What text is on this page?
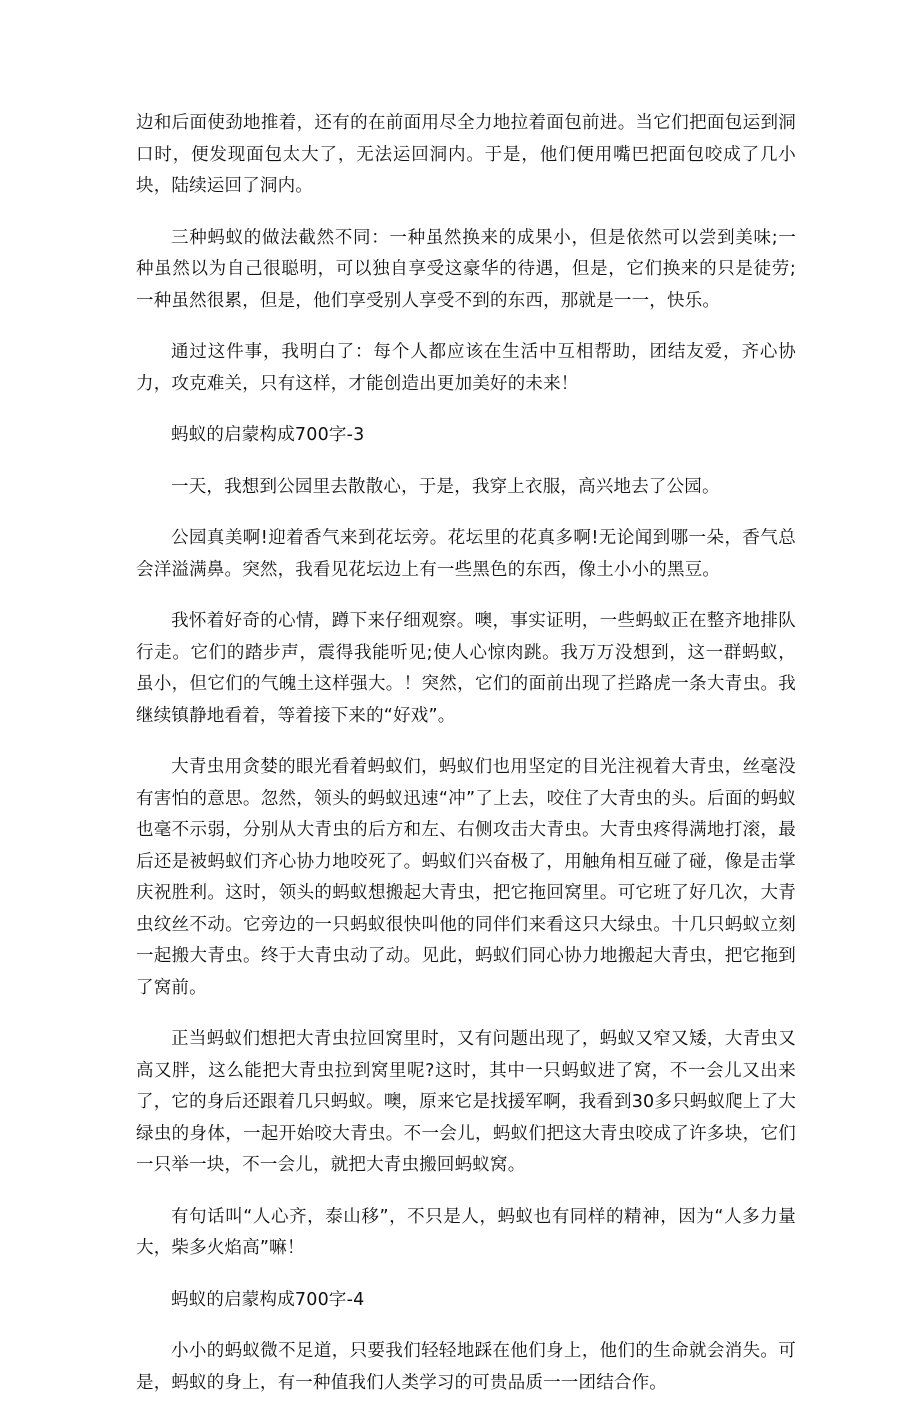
边和后面使劲地推着，还有的在前面用尽全力地拉着面包前进。当它们把面包运到洞口时，便发现面包太大了，无法运回洞内。于是，他们便用嘴巴把面包咬成了几小块，陆续运回了洞内。

三种蚂蚁的做法截然不同：一种虽然换来的成果小，但是依然可以尝到美味;一种虽然以为自己很聪明，可以独自享受这豪华的待遇，但是，它们换来的只是徒劳;一种虽然很累，但是，他们享受别人享受不到的东西，那就是一一，快乐。

通过这件事，我明白了：每个人都应该在生活中互相帮助，团结友爱，齐心协力，攻克难关，只有这样，才能创造出更加美好的未来！

蚂蚁的启蒙构成700字-3

一天，我想到公园里去散散心，于是，我穿上衣服，高兴地去了公园。

公园真美啊!迎着香气来到花坛旁。花坛里的花真多啊!无论闻到哪一朵，香气总会洋溢满鼻。突然，我看见花坛边上有一些黑色的东西，像土小小的黑豆。

我怀着好奇的心情，蹲下来仔细观察。噢，事实证明，一些蚂蚁正在整齐地排队行走。它们的踏步声，震得我能听见;使人心惊肉跳。我万万没想到，这一群蚂蚁，虽小，但它们的气魄土这样强大。！突然，它们的面前出现了拦路虎一条大青虫。我继续镇静地看着，等着接下来的“好戏”。

大青虫用贪婪的眼光看着蚂蚁们，蚂蚁们也用坚定的目光注视着大青虫，丝毫没有害怕的意思。忽然，领头的蚂蚁迅速“冲”了上去，咬住了大青虫的头。后面的蚂蚁也毫不示弱，分别从大青虫的后方和左、右侧攻击大青虫。大青虫疼得满地打滚，最后还是被蚂蚁们齐心协力地咬死了。蚂蚁们兴奋极了，用触角相互碰了碰，像是击掌庆祝胜利。这时，领头的蚂蚁想搬起大青虫，把它拖回窝里。可它班了好几次，大青虫纹丝不动。它旁边的一只蚂蚁很快叫他的同伴们来看这只大绿虫。十几只蚂蚁立刻一起搬大青虫。终于大青虫动了动。见此，蚂蚁们同心协力地搬起大青虫，把它拖到了窝前。

正当蚂蚁们想把大青虫拉回窝里时，又有问题出现了，蚂蚁又窄又矮，大青虫又高又胖，这么能把大青虫拉到窝里呢?这时，其中一只蚂蚁进了窝，不一会儿又出来了，它的身后还跟着几只蚂蚁。噢，原来它是找援军啊，我看到30多只蚂蚁爬上了大绿虫的身体，一起开始咬大青虫。不一会儿，蚂蚁们把这大青虫咬成了许多块，它们一只举一块，不一会儿，就把大青虫搬回蚂蚁窝。

有句话叫“人心齐，泰山移”，不只是人，蚂蚁也有同样的精神，因为“人多力量大，柴多火焰高”嘛！

蚂蚁的启蒙构成700字-4

小小的蚂蚁微不足道，只要我们轻轻地踩在他们身上，他们的生命就会消失。可是，蚂蚁的身上，有一种值我们人类学习的可贵品质一一团结合作。
